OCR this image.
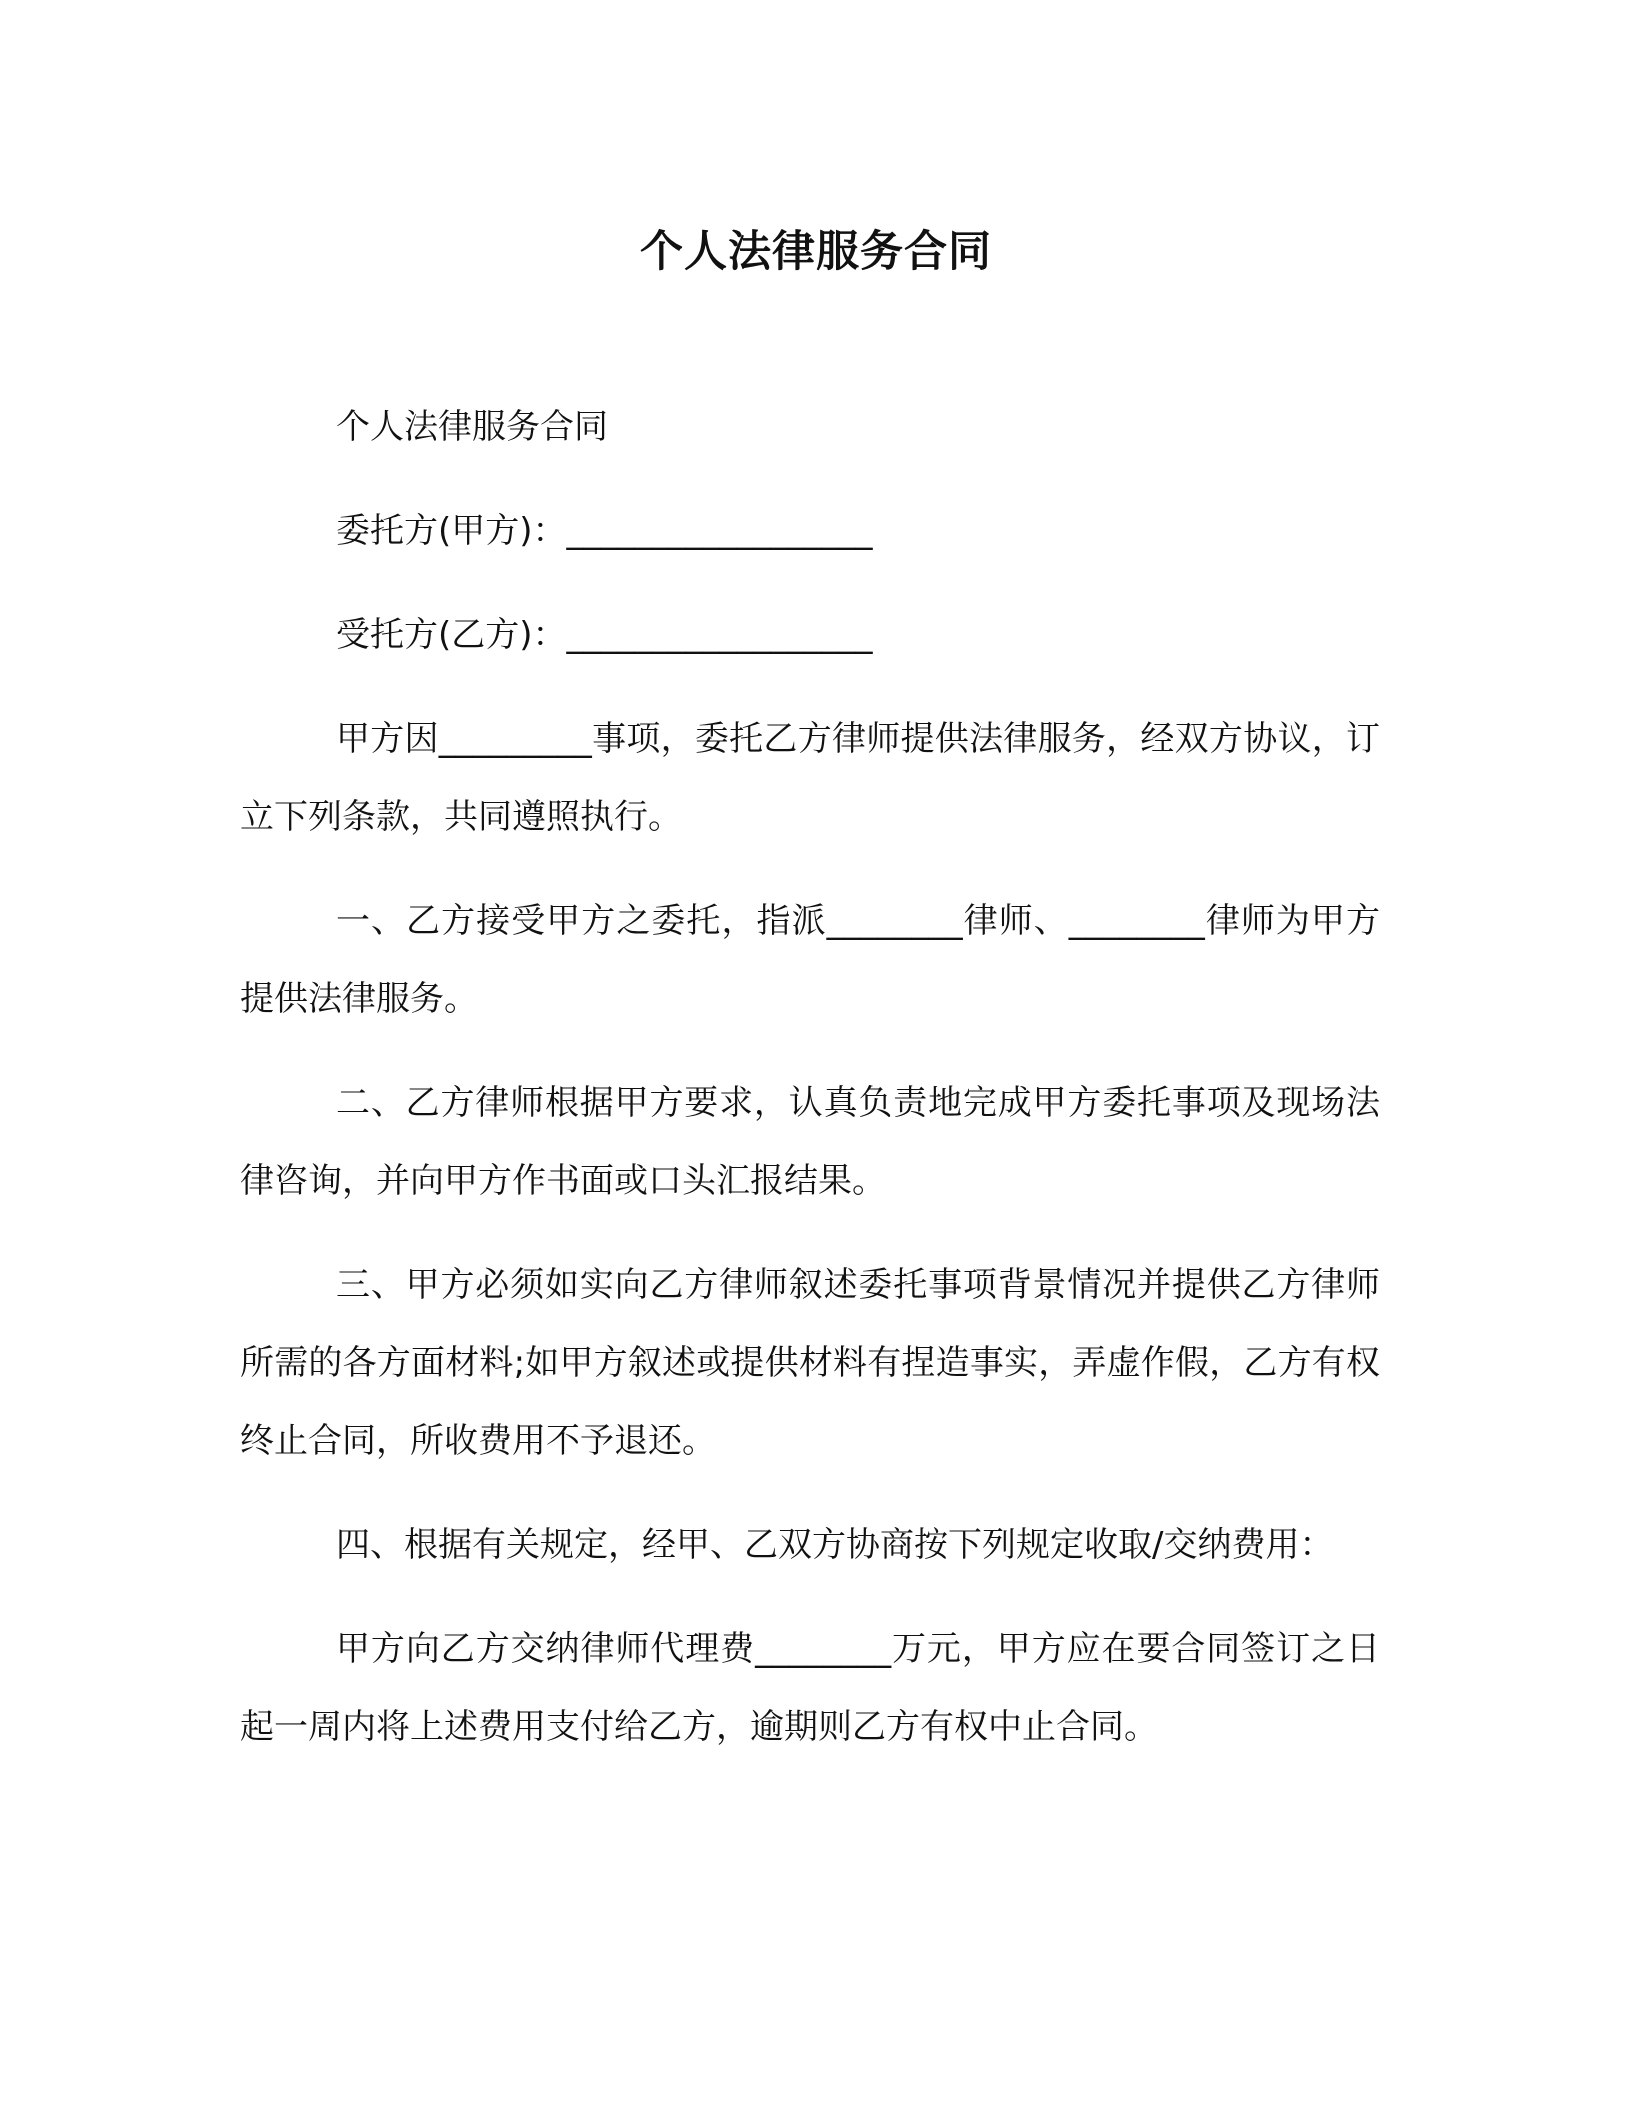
个人法律服务合同

个人法律服务合同

委托方(甲方)：__________________

受托方(乙方)：__________________

甲方因_________事项，委托乙方律师提供法律服务，经双方协议，订立下列条款，共同遵照执行。

一、乙方接受甲方之委托，指派________律师、________律师为甲方提供法律服务。

二、乙方律师根据甲方要求，认真负责地完成甲方委托事项及现场法律咨询，并向甲方作书面或口头汇报结果。

三、甲方必须如实向乙方律师叙述委托事项背景情况并提供乙方律师所需的各方面材料;如甲方叙述或提供材料有捏造事实，弄虚作假，乙方有权终止合同，所收费用不予退还。

四、根据有关规定，经甲、乙双方协商按下列规定收取/交纳费用：

甲方向乙方交纳律师代理费________万元，甲方应在要合同签订之日起一周内将上述费用支付给乙方，逾期则乙方有权中止合同。
